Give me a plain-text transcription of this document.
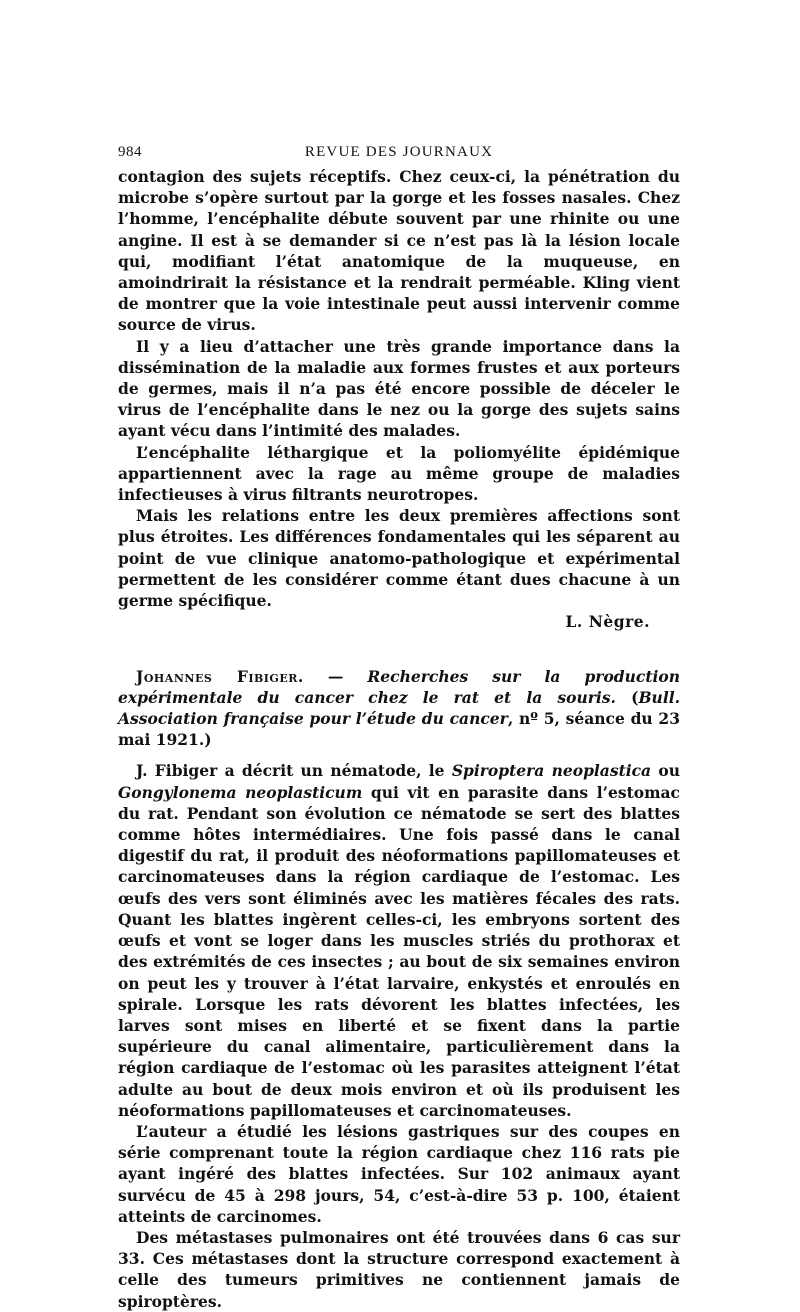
984	REVUE DES JOURNAUX

contagion des sujets réceptifs. Chez ceux-ci, la pénétration du microbe s’opère surtout par la gorge et les fosses nasales. Chez l’homme, l’encéphalite débute souvent par une rhinite ou une angine. Il est à se demander si ce n’est pas là la lésion locale qui, modifiant l’état anatomique de la muqueuse, en amoindrirait la résistance et la rendrait perméable. Kling vient de montrer que la voie intestinale peut aussi intervenir comme source de virus.

Il y a lieu d’attacher une très grande importance dans la dissémination de la maladie aux formes frustes et aux porteurs de germes, mais il n’a pas été encore possible de déceler le virus de l’encéphalite dans le nez ou la gorge des sujets sains ayant vécu dans l’intimité des malades.

L’encéphalite léthargique et la poliomyélite épidémique appartiennent avec la rage au même groupe de maladies infectieuses à virus filtrants neurotropes.

Mais les relations entre les deux premières affections sont plus étroites. Les différences fondamentales qui les séparent au point de vue clinique anatomo-pathologique et expérimental permettent de les considérer comme étant dues chacune à un germe spécifique.

L. Nègre.

Johannes Fibiger. — Recherches sur la production expérimentale du cancer chez le rat et la souris. (Bull. Association française pour l’étude du cancer, nº 5, séance du 23 mai 1921.)

J. Fibiger a décrit un nématode, le Spiroptera neoplastica ou Gongylonema neoplasticum qui vit en parasite dans l’estomac du rat. Pendant son évolution ce nématode se sert des blattes comme hôtes intermédiaires. Une fois passé dans le canal digestif du rat, il produit des néoformations papillomateuses et carcinomateuses dans la région cardiaque de l’estomac. Les œufs des vers sont éliminés avec les matières fécales des rats. Quant les blattes ingèrent celles-ci, les embryons sortent des œufs et vont se loger dans les muscles striés du prothorax et des extrémités de ces insectes ; au bout de six semaines environ on peut les y trouver à l’état larvaire, enkystés et enroulés en spirale. Lorsque les rats dévorent les blattes infectées, les larves sont mises en liberté et se fixent dans la partie supérieure du canal alimentaire, particulièrement dans la région cardiaque de l’estomac où les parasites atteignent l’état adulte au bout de deux mois environ et où ils produisent les néoformations papillomateuses et carcinomateuses.

L’auteur a étudié les lésions gastriques sur des coupes en série comprenant toute la région cardiaque chez 116 rats pie ayant ingéré des blattes infectées. Sur 102 animaux ayant survécu de 45 à 298 jours, 54, c’est-à-dire 53 p. 100, étaient atteints de carcinomes.

Des métastases pulmonaires ont été trouvées dans 6 cas sur 33. Ces métastases dont la structure correspond exactement à celle des tumeurs primitives ne contiennent jamais de spiroptères.
